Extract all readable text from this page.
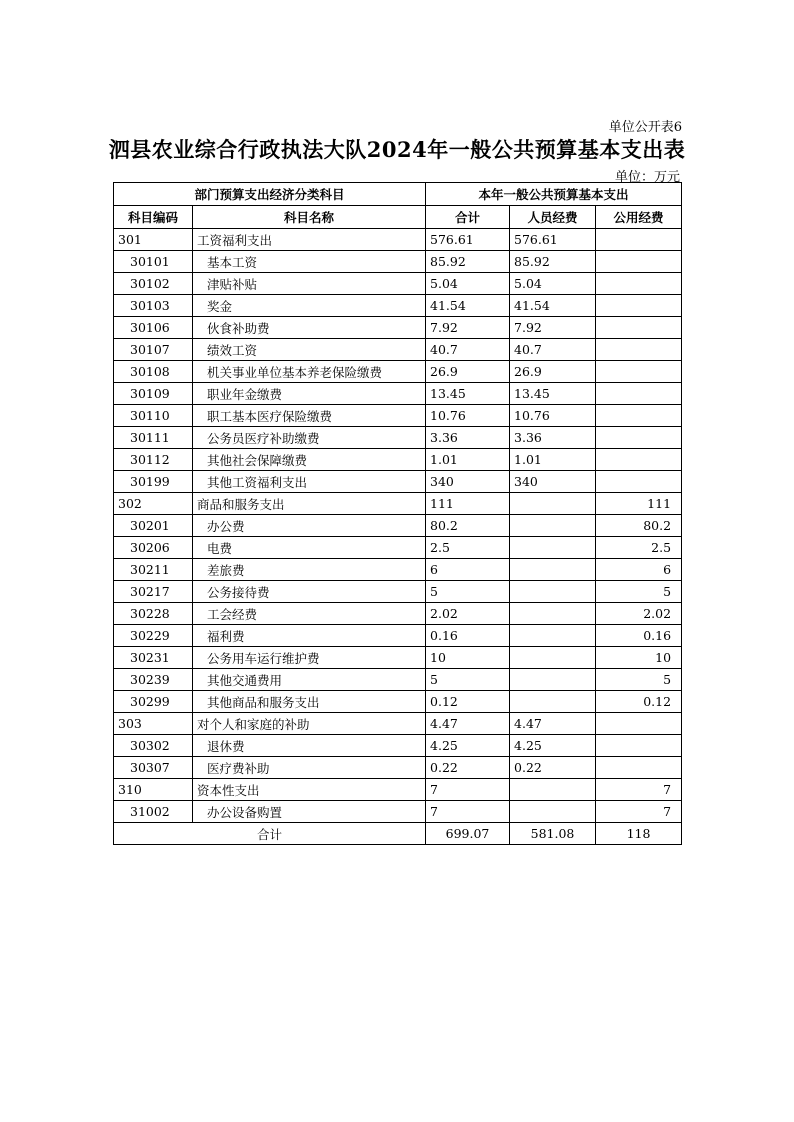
单位公开表6
泗县农业综合行政执法大队2024年一般公共预算基本支出表
单位：万元
部门预算支出经济分类科目		本年一般公共预算基本支出		
科目编码	科目名称	合计	人员经费	公用经费
301	工资福利支出	576.61	576.61	
30101	基本工资	85.92	85.92	
30102	津贴补贴	5.04	5.04	
30103	奖金	41.54	41.54	
30106	伙食补助费	7.92	7.92	
30107	绩效工资	40.7	40.7	
30108	机关事业单位基本养老保险缴费	26.9	26.9	
30109	职业年金缴费	13.45	13.45	
30110	职工基本医疗保险缴费	10.76	10.76	
30111	公务员医疗补助缴费	3.36	3.36	
30112	其他社会保障缴费	1.01	1.01	
30199	其他工资福利支出	340	340	
302	商品和服务支出	111		111
30201	办公费	80.2		80.2
30206	电费	2.5		2.5
30211	差旅费	6		6
30217	公务接待费	5		5
30228	工会经费	2.02		2.02
30229	福利费	0.16		0.16
30231	公务用车运行维护费	10		10
30239	其他交通费用	5		5
30299	其他商品和服务支出	0.12		0.12
303	对个人和家庭的补助	4.47	4.47	
30302	退休费	4.25	4.25	
30307	医疗费补助	0.22	0.22	
310	资本性支出	7		7
31002	办公设备购置	7		7
合计		699.07	581.08	118
